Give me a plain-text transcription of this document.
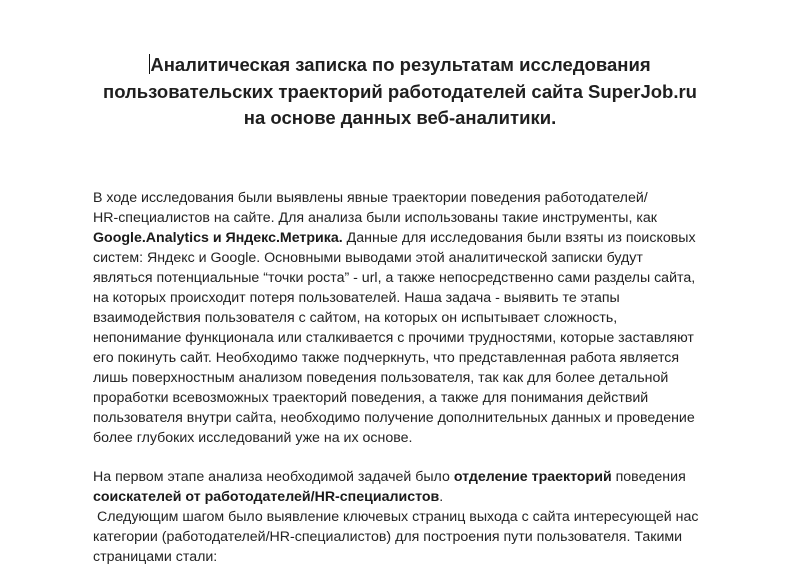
Аналитическая записка по результатам исследования
пользовательских траекторий работодателей сайта SuperJob.ru
на основе данных веб-аналитики.
В ходе исследования были выявлены явные траектории поведения работодателей/
HR-специалистов на сайте. Для анализа были использованы такие инструменты, как
Google.Analytics и Яндекс.Метрика. Данные для исследования были взяты из поисковых
систем: Яндекс и Google. Основными выводами этой аналитической записки будут
являться потенциальные “точки роста” - url, а также непосредственно сами разделы сайта,
на которых происходит потеря пользователей. Наша задача - выявить те этапы
взаимодействия пользователя с сайтом, на которых он испытывает сложность,
непонимание функционала или сталкивается с прочими трудностями, которые заставляют
его покинуть сайт. Необходимо также подчеркнуть, что представленная работа является
лишь поверхностным анализом поведения пользователя, так как для более детальной
проработки всевозможных траекторий поведения, а также для понимания действий
пользователя внутри сайта, необходимо получение дополнительных данных и проведение
более глубоких исследований уже на их основе.
На первом этапе анализа необходимой задачей было отделение траекторий поведения
соискателей от работодателей/HR-специалистов.
Следующим шагом было выявление ключевых страниц выхода с сайта интересующей нас
категории (работодателей/HR-специалистов) для построения пути пользователя. Такими
страницами стали:
